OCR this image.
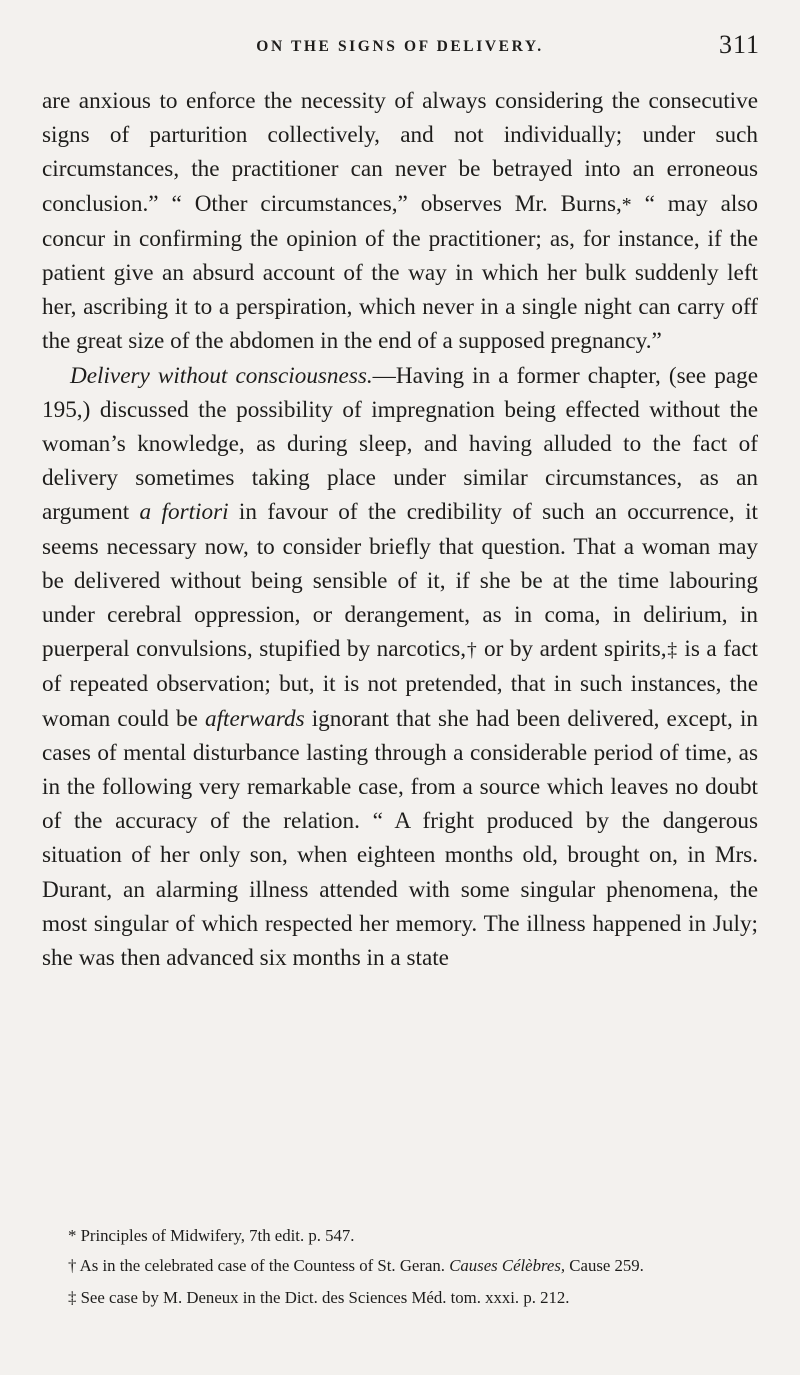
ON THE SIGNS OF DELIVERY.	311

are anxious to enforce the necessity of always considering the consecutive signs of parturition collectively, and not individually; under such circumstances, the practitioner can never be betrayed into an erroneous conclusion.” “ Other circumstances,” observes Mr. Burns,* “ may also concur in confirming the opinion of the practitioner; as, for instance, if the patient give an absurd account of the way in which her bulk suddenly left her, ascribing it to a perspiration, which never in a single night can carry off the great size of the abdomen in the end of a supposed pregnancy.”

Delivery without consciousness.—Having in a former chapter, (see page 195,) discussed the possibility of impregnation being effected without the woman’s knowledge, as during sleep, and having alluded to the fact of delivery sometimes taking place under similar circumstances, as an argument a fortiori in favour of the credibility of such an occurrence, it seems necessary now, to consider briefly that question. That a woman may be delivered without being sensible of it, if she be at the time labouring under cerebral oppression, or derangement, as in coma, in delirium, in puerperal convulsions, stupified by narcotics,† or by ardent spirits,‡ is a fact of repeated observation; but, it is not pretended, that in such instances, the woman could be afterwards ignorant that she had been delivered, except, in cases of mental disturbance lasting through a considerable period of time, as in the following very remarkable case, from a source which leaves no doubt of the accuracy of the relation. “ A fright produced by the dangerous situation of her only son, when eighteen months old, brought on, in Mrs. Durant, an alarming illness attended with some singular phenomena, the most singular of which respected her memory. The illness happened in July; she was then advanced six months in a state

* Principles of Midwifery, 7th edit. p. 547.

† As in the celebrated case of the Countess of St. Geran. Causes Célèbres, Cause 259.

‡ See case by M. Deneux in the Dict. des Sciences Méd. tom. xxxi. p. 212.
